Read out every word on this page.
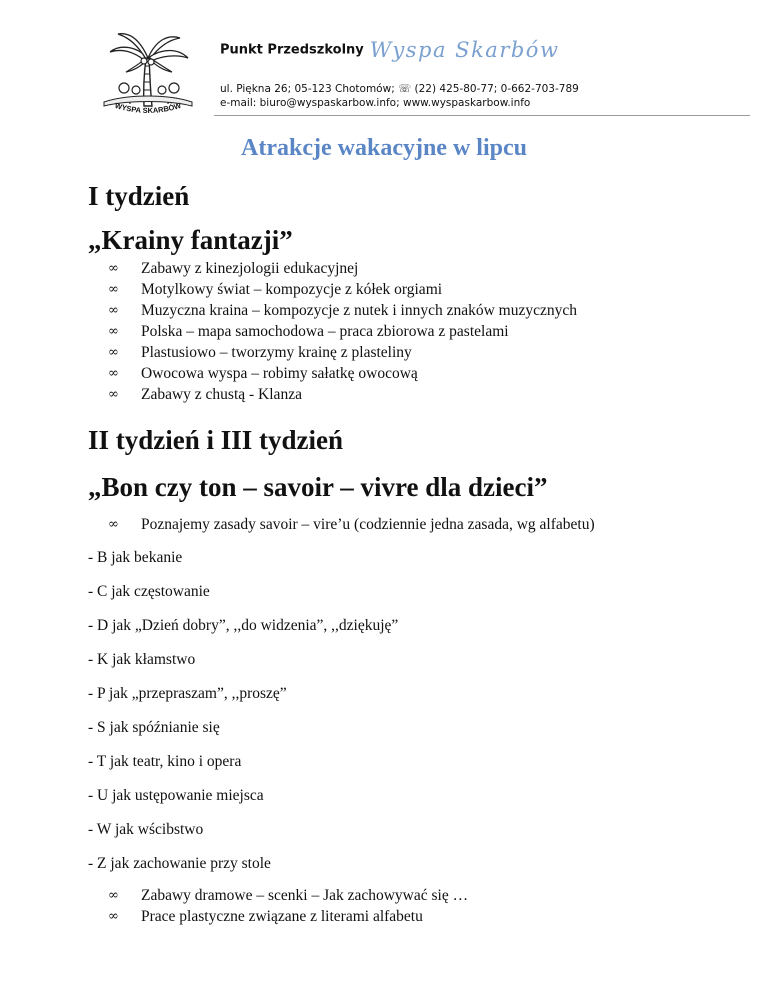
WYSPA SKARBÓW
Punkt Przedszkolny Wyspa Skarbów
ul. Piękna 26; 05-123 Chotomów; ☏ (22) 425-80-77; 0-662-703-789
e-mail: biuro@wyspaskarbow.info; www.wyspaskarbow.info
Atrakcje wakacyjne w lipcu
I tydzień
„Krainy fantazji”
∞ Zabawy z kinezjologii edukacyjnej
∞ Motylkowy świat – kompozycje z kółek orgiami
∞ Muzyczna kraina – kompozycje z nutek i innych znaków muzycznych
∞ Polska – mapa samochodowa – praca zbiorowa z pastelami
∞ Plastusiowo – tworzymy krainę z plasteliny
∞ Owocowa wyspa – robimy sałatkę owocową
∞ Zabawy z chustą - Klanza
II tydzień i III tydzień
„Bon czy ton – savoir – vivre dla dzieci”
∞ Poznajemy zasady savoir – vire’u (codziennie jedna zasada, wg alfabetu)
- B jak bekanie
- C jak częstowanie
- D jak „Dzień dobry”, ,,do widzenia”, ,,dziękuję”
- K jak kłamstwo
- P jak „przepraszam”, ,,proszę”
- S jak spóźnianie się
- T jak teatr, kino i opera
- U jak ustępowanie miejsca
- W jak wścibstwo
- Z jak zachowanie przy stole
∞ Zabawy dramowe – scenki – Jak zachowywać się …
∞ Prace plastyczne związane z literami alfabetu
